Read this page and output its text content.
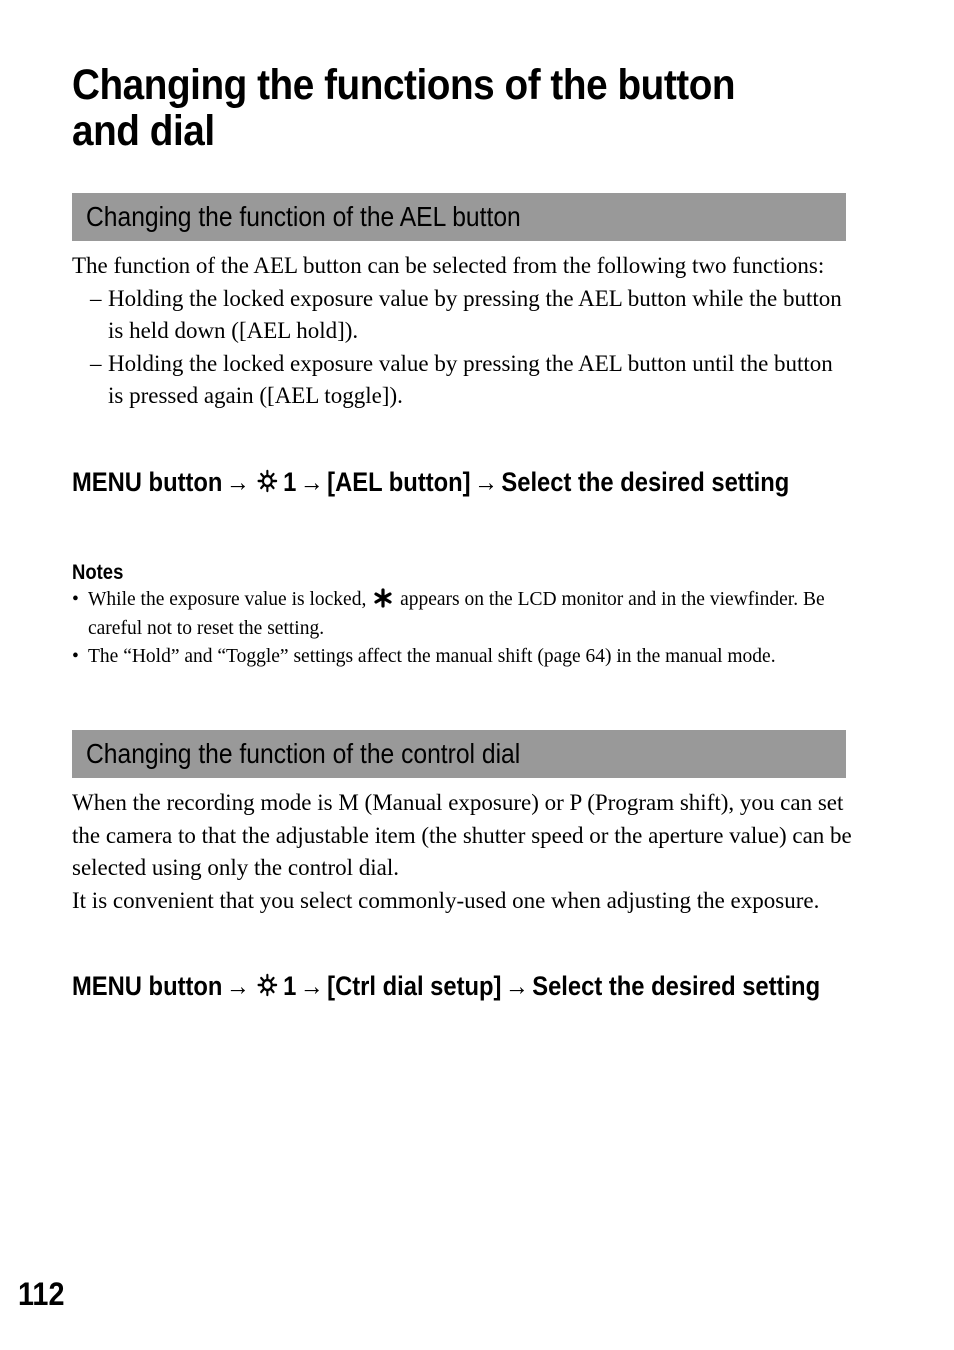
Changing the functions of the button and dial
Changing the function of the AEL button
The function of the AEL button can be selected from the following two functions:
– Holding the locked exposure value by pressing the AEL button while the button is held down ([AEL hold]).
– Holding the locked exposure value by pressing the AEL button until the button is pressed again ([AEL toggle]).

MENU button → 1 → [AEL button] → Select the desired setting

Notes
• While the exposure value is locked, appears on the LCD monitor and in the viewfinder. Be careful not to reset the setting.
• The “Hold” and “Toggle” settings affect the manual shift (page 64) in the manual mode.
Changing the function of the control dial
When the recording mode is M (Manual exposure) or P (Program shift), you can set the camera to that the adjustable item (the shutter speed or the aperture value) can be selected using only the control dial.
It is convenient that you select commonly-used one when adjusting the exposure.

MENU button → 1 → [Ctrl dial setup] → Select the desired setting

112
